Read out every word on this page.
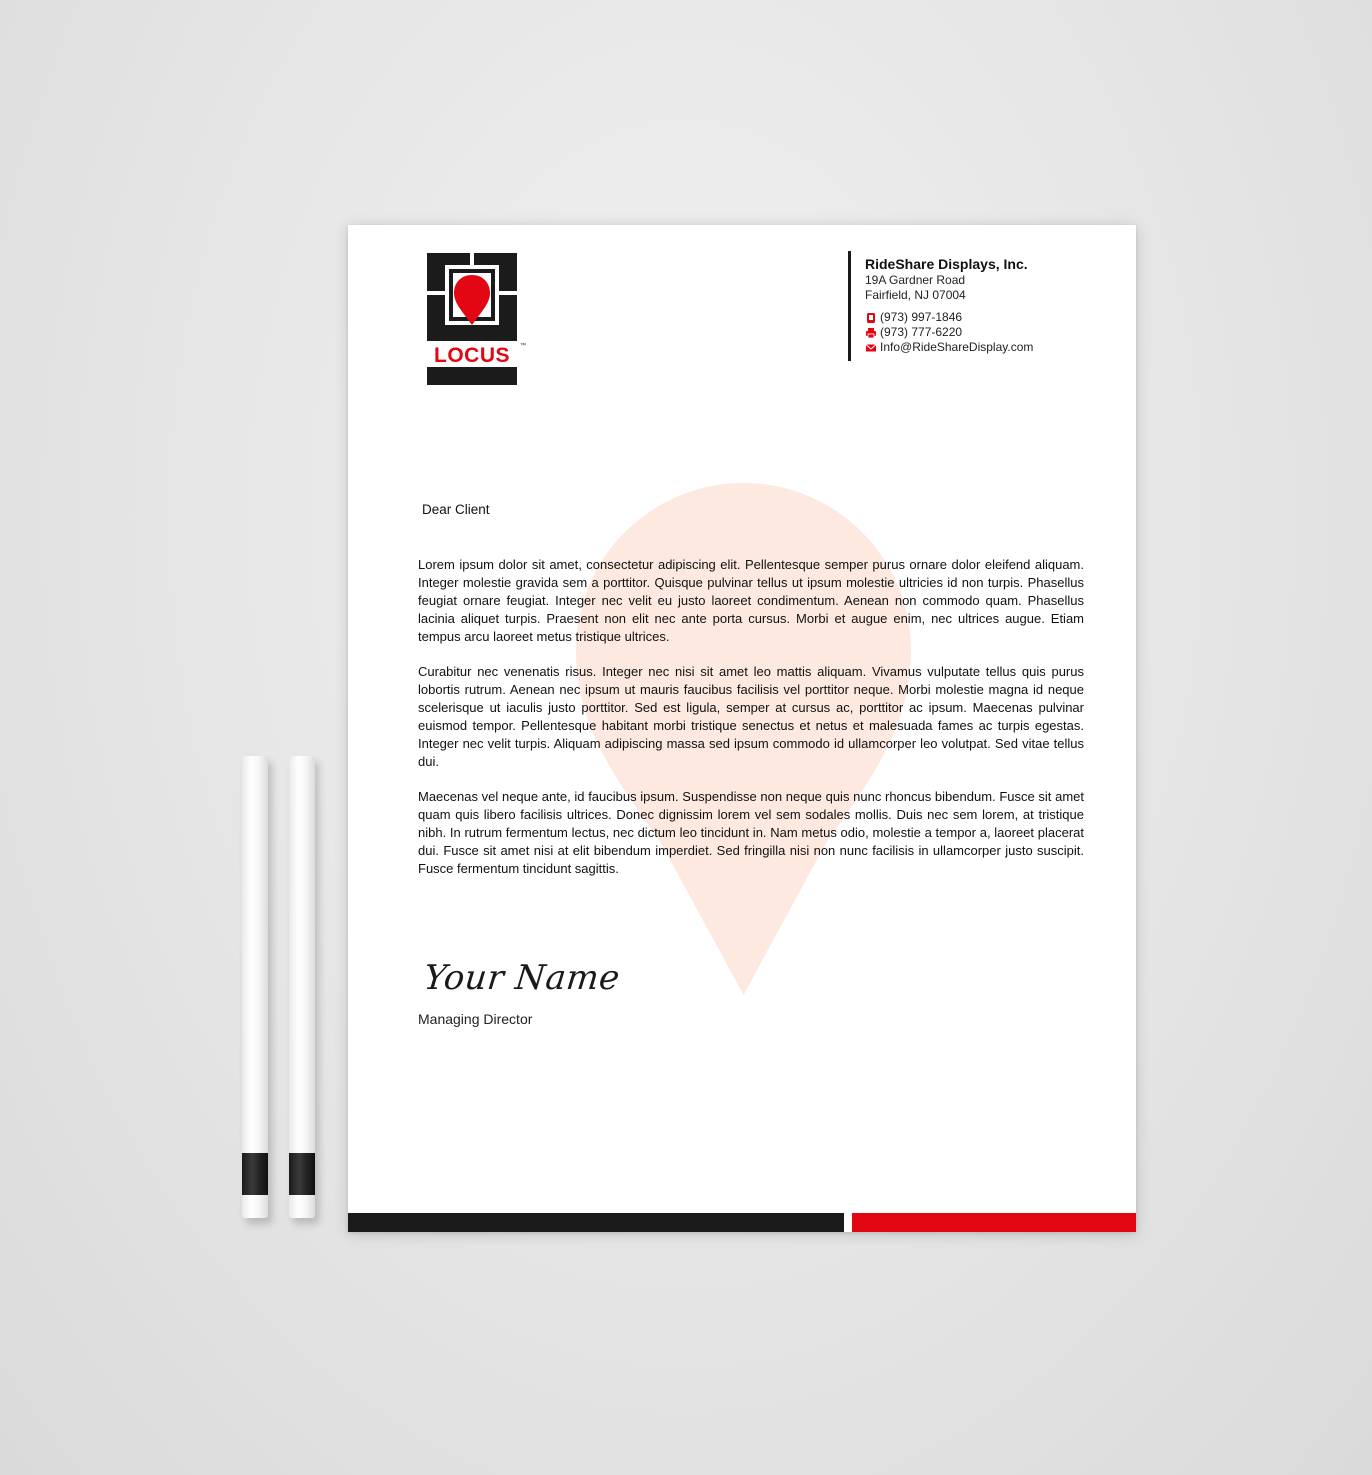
LOCUS ™
RideShare Displays, Inc.
19A Gardner Road
Fairfield, NJ 07004
(973) 997-1846
(973) 777-6220
Info@RideShareDisplay.com
Dear Client
Lorem ipsum dolor sit amet, consectetur adipiscing elit. Pellentesque semper purus ornare dolor eleifend aliquam. Integer molestie gravida sem a porttitor. Quisque pulvinar tellus ut ipsum molestie ultricies id non turpis. Phasellus feugiat ornare feugiat. Integer nec velit eu justo laoreet condimentum. Aenean non commodo quam. Phasellus lacinia aliquet turpis. Praesent non elit nec ante porta cursus. Morbi et augue enim, nec ultrices augue. Etiam tempus arcu laoreet metus tristique ultrices.
Curabitur nec venenatis risus. Integer nec nisi sit amet leo mattis aliquam. Vivamus vulputate tellus quis purus lobortis rutrum. Aenean nec ipsum ut mauris faucibus facilisis vel porttitor neque. Morbi molestie magna id neque scelerisque ut iaculis justo porttitor. Sed est ligula, semper at cursus ac, porttitor ac ipsum. Maecenas pulvinar euismod tempor. Pellentesque habitant morbi tristique senectus et netus et malesuada fames ac turpis egestas. Integer nec velit turpis. Aliquam adipiscing massa sed ipsum commodo id ullamcorper leo volutpat. Sed vitae tellus dui.
Maecenas vel neque ante, id faucibus ipsum. Suspendisse non neque quis nunc rhoncus bibendum. Fusce sit amet quam quis libero facilisis ultrices. Donec dignissim lorem vel sem sodales mollis. Duis nec sem lorem, at tristique nibh. In rutrum fermentum lectus, nec dictum leo tincidunt in. Nam metus odio, molestie a tempor a, laoreet placerat dui. Fusce sit amet nisi at elit bibendum imperdiet. Sed fringilla nisi non nunc facilisis in ullamcorper justo suscipit. Fusce fermentum tincidunt sagittis.
Your Name
Managing Director
